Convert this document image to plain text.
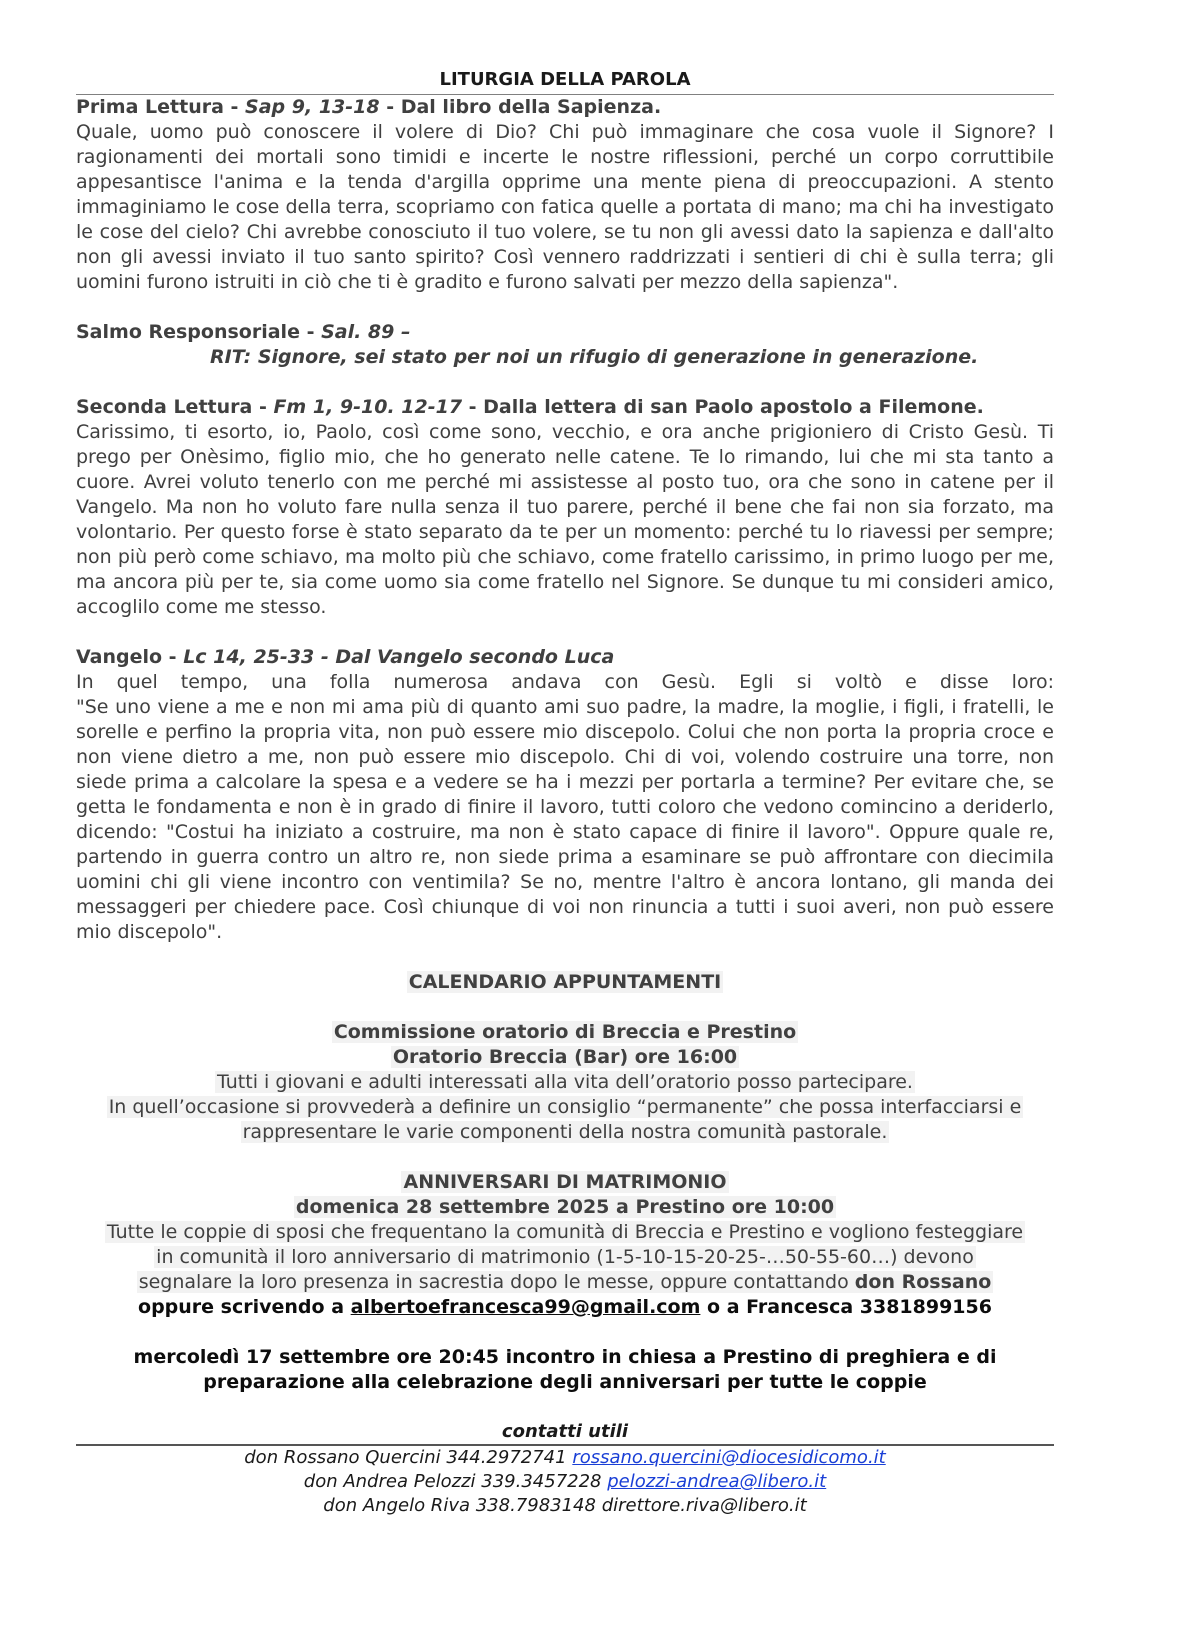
LITURGIA DELLA PAROLA
Prima Lettura - Sap 9, 13-18 - Dal libro della Sapienza.
Quale, uomo può conoscere il volere di Dio? Chi può immaginare che cosa vuole il Signore? I ragionamenti dei mortali sono timidi e incerte le nostre riflessioni, perché un corpo corruttibile appesantisce l'anima e la tenda d'argilla opprime una mente piena di preoccupazioni. A stento immaginiamo le cose della terra, scopriamo con fatica quelle a portata di mano; ma chi ha investigato le cose del cielo? Chi avrebbe conosciuto il tuo volere, se tu non gli avessi dato la sapienza e dall'alto non gli avessi inviato il tuo santo spirito? Così vennero raddrizzati i sentieri di chi è sulla terra; gli uomini furono istruiti in ciò che ti è gradito e furono salvati per mezzo della sapienza".
Salmo Responsoriale - Sal. 89 –
RIT: Signore, sei stato per noi un rifugio di generazione in generazione.
Seconda Lettura - Fm 1, 9-10. 12-17 - Dalla lettera di san Paolo apostolo a Filemone.
Carissimo, ti esorto, io, Paolo, così come sono, vecchio, e ora anche prigioniero di Cristo Gesù. Ti prego per Onèsimo, figlio mio, che ho generato nelle catene. Te lo rimando, lui che mi sta tanto a cuore. Avrei voluto tenerlo con me perché mi assistesse al posto tuo, ora che sono in catene per il Vangelo. Ma non ho voluto fare nulla senza il tuo parere, perché il bene che fai non sia forzato, ma volontario. Per questo forse è stato separato da te per un momento: perché tu lo riavessi per sempre; non più però come schiavo, ma molto più che schiavo, come fratello carissimo, in primo luogo per me, ma ancora più per te, sia come uomo sia come fratello nel Signore. Se dunque tu mi consideri amico, accoglilo come me stesso.
Vangelo - Lc 14, 25-33 - Dal Vangelo secondo Luca
In quel tempo, una folla numerosa andava con Gesù. Egli si voltò e disse loro:
"Se uno viene a me e non mi ama più di quanto ami suo padre, la madre, la moglie, i figli, i fratelli, le sorelle e perfino la propria vita, non può essere mio discepolo. Colui che non porta la propria croce e non viene dietro a me, non può essere mio discepolo. Chi di voi, volendo costruire una torre, non siede prima a calcolare la spesa e a vedere se ha i mezzi per portarla a termine? Per evitare che, se getta le fondamenta e non è in grado di finire il lavoro, tutti coloro che vedono comincino a deriderlo, dicendo: "Costui ha iniziato a costruire, ma non è stato capace di finire il lavoro". Oppure quale re, partendo in guerra contro un altro re, non siede prima a esaminare se può affrontare con diecimila uomini chi gli viene incontro con ventimila? Se no, mentre l'altro è ancora lontano, gli manda dei messaggeri per chiedere pace. Così chiunque di voi non rinuncia a tutti i suoi averi, non può essere mio discepolo".
CALENDARIO APPUNTAMENTI
Commissione oratorio di Breccia e Prestino
Oratorio Breccia (Bar) ore 16:00
Tutti i giovani e adulti interessati alla vita dell’oratorio posso partecipare.
In quell’occasione si provvederà a definire un consiglio “permanente” che possa interfacciarsi e
rappresentare le varie componenti della nostra comunità pastorale.
ANNIVERSARI DI MATRIMONIO
domenica 28 settembre 2025 a Prestino ore 10:00
Tutte le coppie di sposi che frequentano la comunità di Breccia e Prestino e vogliono festeggiare
in comunità il loro anniversario di matrimonio (1-5-10-15-20-25-…50-55-60…) devono
segnalare la loro presenza in sacrestia dopo le messe, oppure contattando don Rossano
oppure scrivendo a albertoefrancesca99@gmail.com o a Francesca 3381899156
mercoledì 17 settembre ore 20:45 incontro in chiesa a Prestino di preghiera e di
preparazione alla celebrazione degli anniversari per tutte le coppie
contatti utili
don Rossano Quercini 344.2972741 rossano.quercini@diocesidicomo.it
don Andrea Pelozzi 339.3457228 pelozzi-andrea@libero.it
don Angelo Riva 338.7983148 direttore.riva@libero.it
